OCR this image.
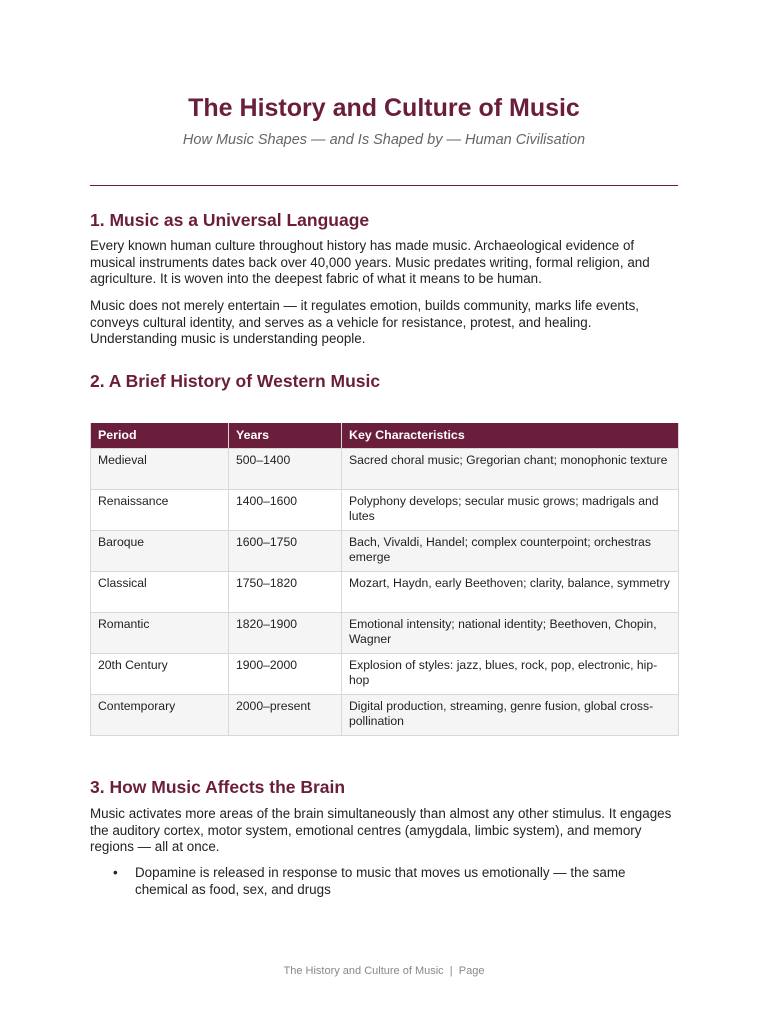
The History and Culture of Music
How Music Shapes — and Is Shaped by — Human Civilisation
1. Music as a Universal Language

Every known human culture throughout history has made music. Archaeological evidence of musical instruments dates back over 40,000 years. Music predates writing, formal religion, and agriculture. It is woven into the deepest fabric of what it means to be human.

Music does not merely entertain — it regulates emotion, builds community, marks life events, conveys cultural identity, and serves as a vehicle for resistance, protest, and healing. Understanding music is understanding people.

2. A Brief History of Western Music
Period	Years	Key Characteristics
Medieval	500–1400	Sacred choral music; Gregorian chant; monophonic texture
Renaissance	1400–1600	Polyphony develops; secular music grows; madrigals and lutes
Baroque	1600–1750	Bach, Vivaldi, Handel; complex counterpoint; orchestras emerge
Classical	1750–1820	Mozart, Haydn, early Beethoven; clarity, balance, symmetry
Romantic	1820–1900	Emotional intensity; national identity; Beethoven, Chopin, Wagner
20th Century	1900–2000	Explosion of styles: jazz, blues, rock, pop, electronic, hip-hop
Contemporary	2000–present	Digital production, streaming, genre fusion, global cross-pollination
3. How Music Affects the Brain

Music activates more areas of the brain simultaneously than almost any other stimulus. It engages the auditory cortex, motor system, emotional centres (amygdala, limbic system), and memory regions — all at once.

• Dopamine is released in response to music that moves us emotionally — the same chemical as food, sex, and drugs
The History and Culture of Music  |  Page
